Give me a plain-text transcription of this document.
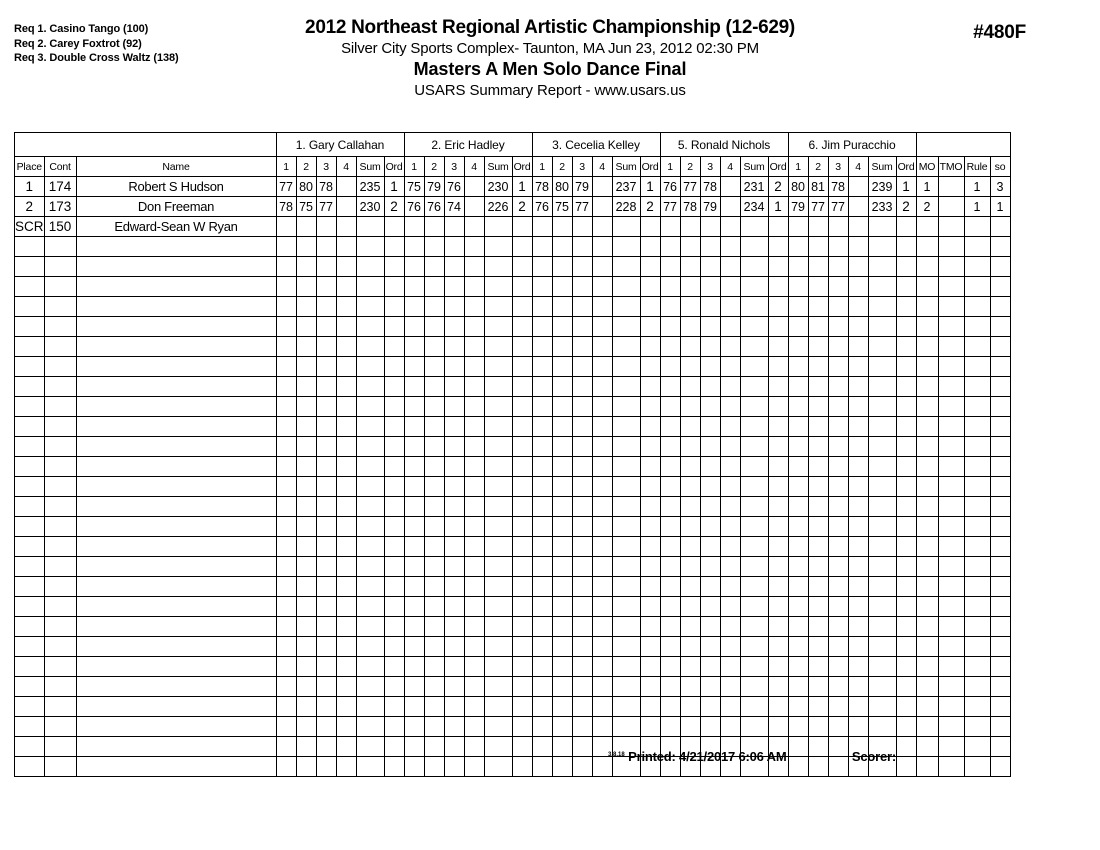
Req 1. Casino Tango (100)
Req 2. Carey Foxtrot (92)
Req 3. Double Cross Waltz (138)
2012 Northeast Regional Artistic Championship (12-629)
Silver City Sports Complex- Taunton, MA Jun 23, 2012 02:30 PM
Masters A Men Solo Dance Final
USARS Summary Report - www.usars.us
#480F
			1. Gary Callahan						2. Eric Hadley						3. Cecelia Kelley						5. Ronald Nichols						6. Jim Puracchio									
Place	Cont	Name	1	2	3	4	Sum	Ord	1	2	3	4	Sum	Ord	1	2	3	4	Sum	Ord	1	2	3	4	Sum	Ord	1	2	3	4	Sum	Ord	MO	TMO	Rule	so
1	174	Robert S Hudson	77	80	78		235	1	75	79	76		230	1	78	80	79		237	1	76	77	78		231	2	80	81	78		239	1	1		1	3
2	173	Don Freeman	78	75	77		230	2	76	76	74		226	2	76	75	77		228	2	77	78	79		234	1	79	77	77		233	2	2		1	1
SCR	150	Edward-Sean W Ryan																																		

$^{3.8.18}$ Printed: 4/21/2017 6:06 AM	Scorer:
